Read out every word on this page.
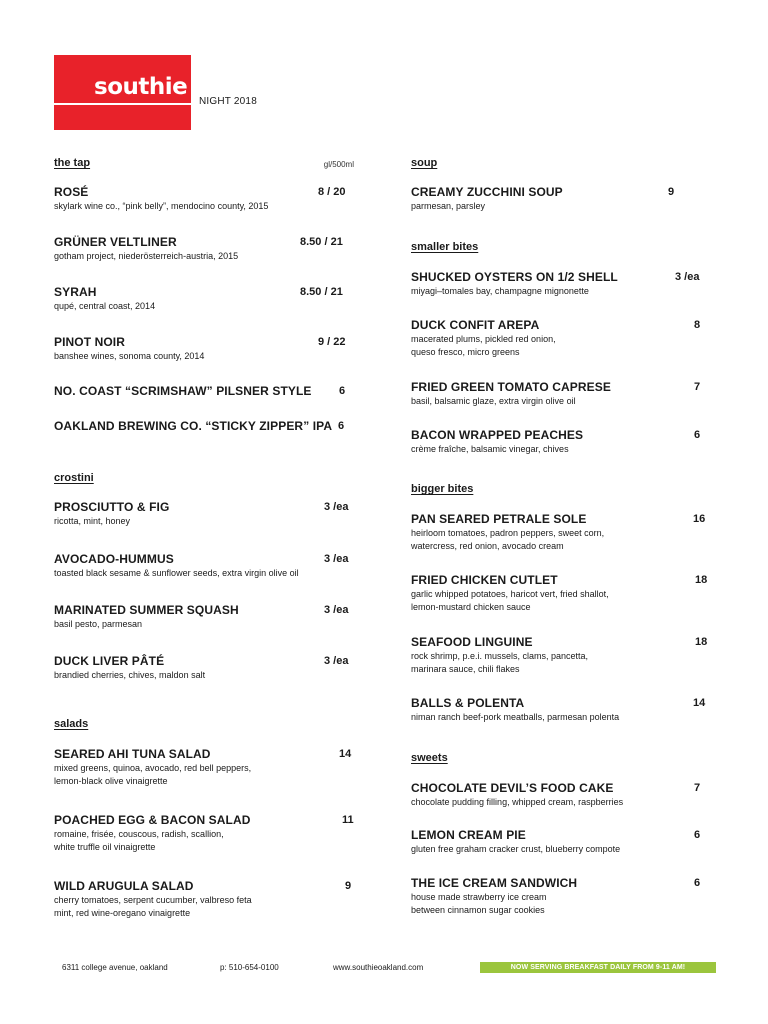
southie
NIGHT 2018
the tap	gl/500ml
ROSÉ
skylark wine co., “pink belly”, mendocino county, 2015
8 / 20
GRÜNER VELTLINER
gotham project, niederösterreich-austria, 2015
8.50 / 21
SYRAH
qupé, central coast, 2014
8.50 / 21
PINOT NOIR
banshee wines, sonoma county, 2014
9 / 22
NO. COAST “SCRIMSHAW” PILSNER STYLE	6
OAKLAND BREWING CO. “STICKY ZIPPER” IPA 6
crostini
PROSCIUTTO & FIG
ricotta, mint, honey
3 /ea
AVOCADO-HUMMUS
toasted black sesame & sunflower seeds, extra virgin olive oil
3 /ea
MARINATED SUMMER SQUASH
basil pesto, parmesan
3 /ea
DUCK LIVER PÂTÉ
brandied cherries, chives, maldon salt
3 /ea
salads
SEARED AHI TUNA SALAD
mixed greens, quinoa, avocado, red bell peppers,
lemon-black olive vinaigrette
14
POACHED EGG & BACON SALAD
romaine, frisée, couscous, radish, scallion,
white truffle oil vinaigrette
11
WILD ARUGULA SALAD
cherry tomatoes, serpent cucumber, valbreso feta
mint, red wine-oregano vinaigrette
9
soup
CREAMY ZUCCHINI SOUP
parmesan, parsley
9
smaller bites
SHUCKED OYSTERS ON 1/2 SHELL
miyagi–tomales bay, champagne mignonette
3 /ea
DUCK CONFIT AREPA
macerated plums, pickled red onion,
queso fresco, micro greens
8
FRIED GREEN TOMATO CAPRESE
basil, balsamic glaze, extra virgin olive oil
7
BACON WRAPPED PEACHES
crème fraîche, balsamic vinegar, chives
6
bigger bites
PAN SEARED PETRALE SOLE
heirloom tomatoes, padron peppers, sweet corn,
watercress, red onion, avocado cream
16
FRIED CHICKEN CUTLET
garlic whipped potatoes, haricot vert, fried shallot,
lemon-mustard chicken sauce
18
SEAFOOD LINGUINE
rock shrimp, p.e.i. mussels, clams, pancetta,
marinara sauce, chili flakes
18
BALLS & POLENTA
niman ranch beef-pork meatballs, parmesan polenta
14
sweets
CHOCOLATE DEVIL’S FOOD CAKE
chocolate pudding filling, whipped cream, raspberries
7
LEMON CREAM PIE
gluten free graham cracker crust, blueberry compote
6
THE ICE CREAM SANDWICH
house made strawberry ice cream
between cinnamon sugar cookies
6
6311 college avenue, oakland	p: 510-654-0100	www.southieoakland.com	NOW SERVING BREAKFAST DAILY FROM 9-11 AM!
